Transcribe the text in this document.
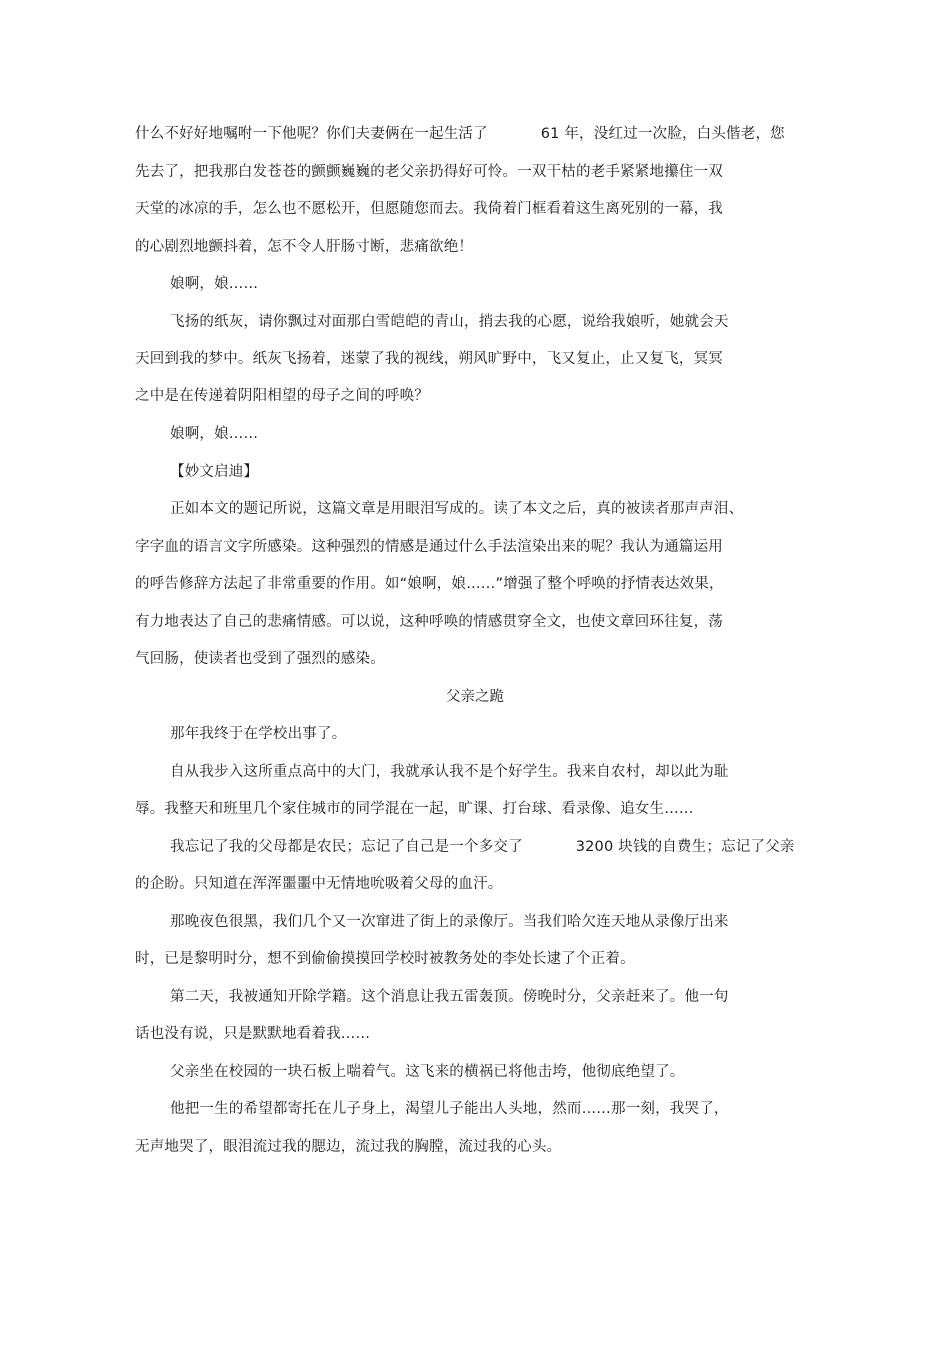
什么不好好地嘱咐一下他呢？你们夫妻俩在一起生活了           61 年，没红过一次脸，白头偕老，您
先去了，把我那白发苍苍的颤颤巍巍的老父亲扔得好可怜。一双干枯的老手紧紧地攥住一双
天堂的冰凉的手，怎么也不愿松开，但愿随您而去。我倚着门框看着这生离死别的一幕，我
的心剧烈地颤抖着，怎不令人肝肠寸断，悲痛欲绝！
娘啊，娘……
飞扬的纸灰，请你飘过对面那白雪皑皑的青山，捎去我的心愿，说给我娘听，她就会天
天回到我的梦中。纸灰飞扬着，迷蒙了我的视线，朔风旷野中，飞又复止，止又复飞，冥冥
之中是在传递着阴阳相望的母子之间的呼唤？
娘啊，娘……
【妙文启迪】
正如本文的题记所说，这篇文章是用眼泪写成的。读了本文之后，真的被读者那声声泪、
字字血的语言文字所感染。这种强烈的情感是通过什么手法渲染出来的呢？我认为通篇运用
的呼告修辞方法起了非常重要的作用。如“娘啊，娘……”增强了整个呼唤的抒情表达效果，
有力地表达了自己的悲痛情感。可以说，这种呼唤的情感贯穿全文，也使文章回环往复，荡
气回肠，使读者也受到了强烈的感染。
父亲之跪
那年我终于在学校出事了。
自从我步入这所重点高中的大门，我就承认我不是个好学生。我来自农村，却以此为耻
辱。我整天和班里几个家住城市的同学混在一起，旷课、打台球、看录像、追女生……
我忘记了我的父母都是农民；忘记了自己是一个多交了           3200 块钱的自费生；忘记了父亲
的企盼。只知道在浑浑噩噩中无情地吮吸着父母的血汗。
那晚夜色很黑，我们几个又一次窜进了街上的录像厅。当我们哈欠连天地从录像厅出来
时，已是黎明时分，想不到偷偷摸摸回学校时被教务处的李处长逮了个正着。
第二天，我被通知开除学籍。这个消息让我五雷轰顶。傍晚时分，父亲赶来了。他一句
话也没有说，只是默默地看着我……
父亲坐在校园的一块石板上喘着气。这飞来的横祸已将他击垮，他彻底绝望了。
他把一生的希望都寄托在儿子身上，渴望儿子能出人头地，然而……那一刻，我哭了，
无声地哭了，眼泪流过我的腮边，流过我的胸膛，流过我的心头。
